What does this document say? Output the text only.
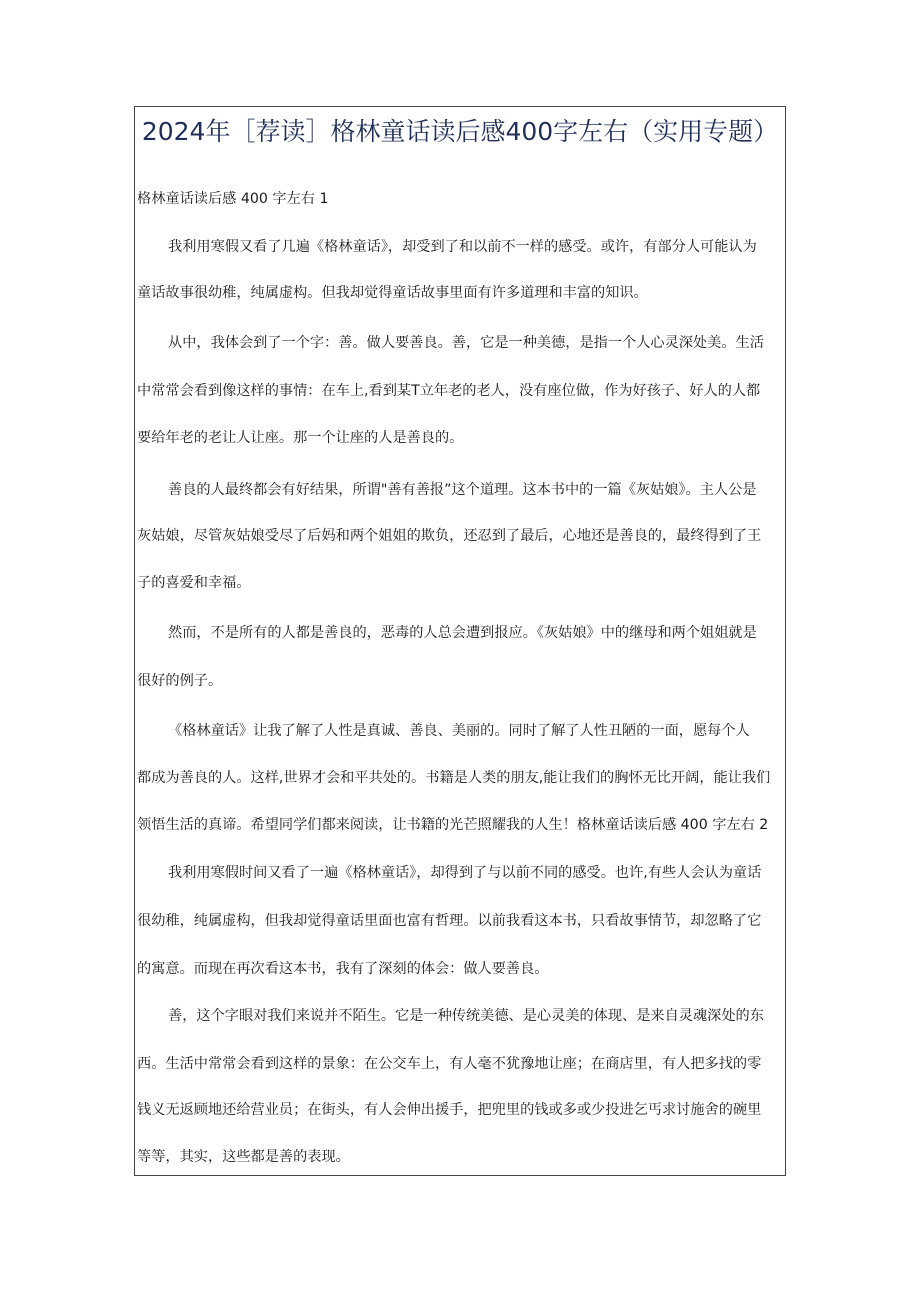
2024年［荐读］格林童话读后感400字左右（实用专题）
格林童话读后感 400 字左右 1
我利用寒假又看了几遍《格林童话》，却受到了和以前不一样的感受。或许，有部分人可能认为
童话故事很幼稚，纯属虚构。但我却觉得童话故事里面有许多道理和丰富的知识。
从中，我体会到了一个字：善。做人要善良。善，它是一种美德，是指一个人心灵深处美。生活
中常常会看到像这样的事情：在车上,看到某T立年老的老人，没有座位做，作为好孩子、好人的人都
要给年老的老让人让座。那一个让座的人是善良的。
善良的人最终都会有好结果，所谓"善有善报”这个道理。这本书中的一篇《灰姑娘》。主人公是
灰姑娘，尽管灰姑娘受尽了后妈和两个姐姐的欺负，还忍到了最后，心地还是善良的，最终得到了王
子的喜爱和幸福。
然而，不是所有的人都是善良的，恶毒的人总会遭到报应。《灰姑娘》中的继母和两个姐姐就是
很好的例子。
《格林童话》让我了解了人性是真诚、善良、美丽的。同时了解了人性丑陋的一面，愿每个人
都成为善良的人。这样,世界才会和平共处的。书籍是人类的朋友,能让我们的胸怀无比开阔，能让我们
领悟生活的真谛。希望同学们都来阅读，让书籍的光芒照耀我的人生！格林童话读后感 400 字左右 2
我利用寒假时间又看了一遍《格林童话》，却得到了与以前不同的感受。也许,有些人会认为童话
很幼稚，纯属虚构，但我却觉得童话里面也富有哲理。以前我看这本书，只看故事情节，却忽略了它
的寓意。而现在再次看这本书，我有了深刻的体会：做人要善良。
善，这个字眼对我们来说并不陌生。它是一种传统美德、是心灵美的体现、是来自灵魂深处的东
西。生活中常常会看到这样的景象：在公交车上，有人毫不犹豫地让座；在商店里，有人把多找的零
钱义无返顾地还给营业员；在街头，有人会伸出援手，把兜里的钱或多或少投进乞丐求讨施舍的碗里
等等，其实，这些都是善的表现。
